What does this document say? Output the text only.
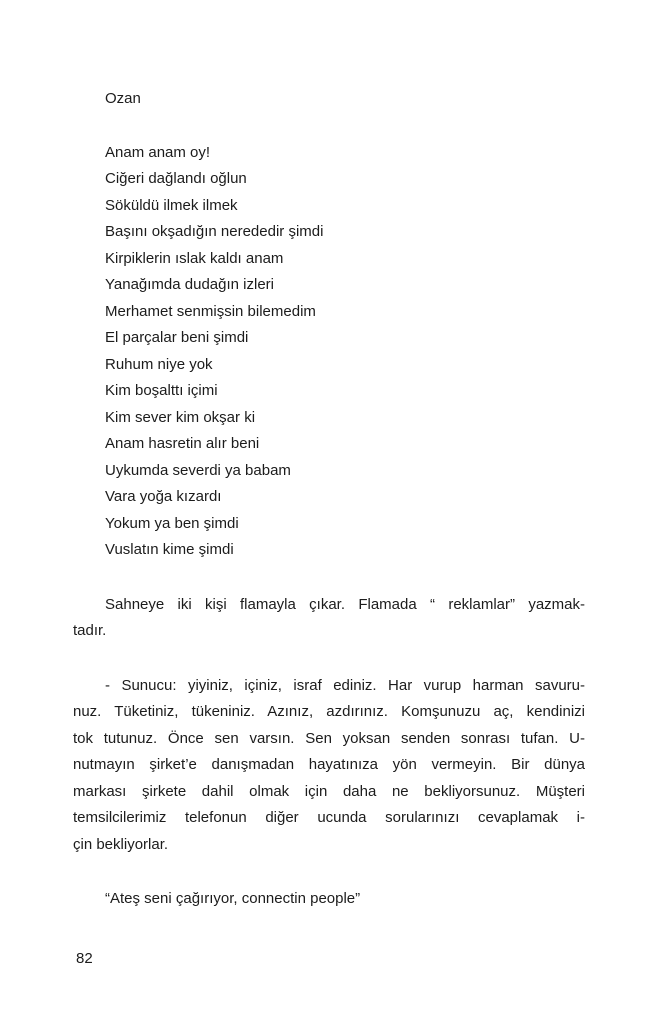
Ozan
Anam anam oy!
Ciğeri dağlandı oğlun
Söküldü ilmek ilmek
Başını okşadığın nerededir şimdi
Kirpiklerin ıslak kaldı anam
Yanağımda dudağın izleri
Merhamet senmişsin bilemedim
El parçalar beni şimdi
Ruhum niye yok
Kim boşalttı içimi
Kim sever kim okşar ki
Anam hasretin alır beni
Uykumda severdi ya babam
Vara yoğa kızardı
Yokum ya ben şimdi
Vuslatın kime şimdi
Sahneye iki kişi flamayla çıkar. Flamada “ reklamlar” yazmak-
tadır.
- Sunucu: yiyiniz, içiniz, israf ediniz. Har vurup harman savuru-
nuz. Tüketiniz, tükeniniz. Azınız, azdırınız. Komşunuzu aç, kendinizi
tok tutunuz. Önce sen varsın. Sen yoksan senden sonrası tufan. U-
nutmayın şirket’e danışmadan hayatınıza yön vermeyin. Bir dünya
markası şirkete dahil olmak için daha ne bekliyorsunuz. Müşteri
temsilcilerimiz telefonun diğer ucunda sorularınızı cevaplamak i-
çin bekliyorlar.
“Ateş seni çağırıyor, connectin people”
82
